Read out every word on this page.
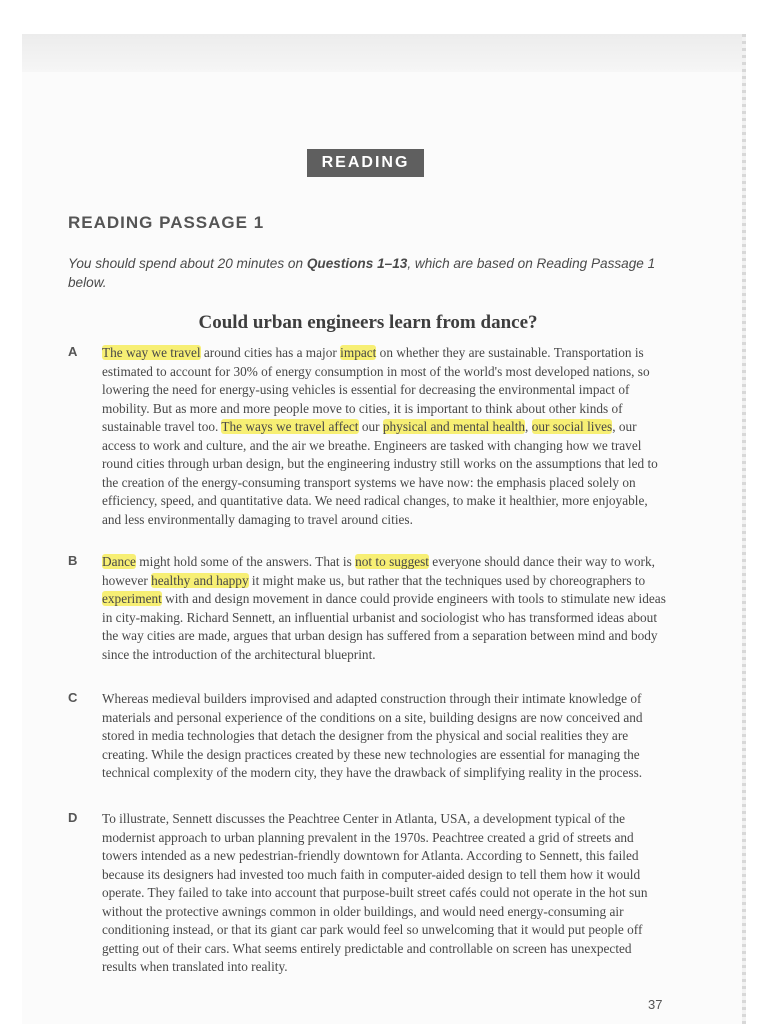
READING
READING PASSAGE 1
You should spend about 20 minutes on Questions 1–13, which are based on Reading Passage 1 below.
Could urban engineers learn from dance?
A The way we travel around cities has a major impact on whether they are sustainable. Transportation is estimated to account for 30% of energy consumption in most of the world's most developed nations, so lowering the need for energy-using vehicles is essential for decreasing the environmental impact of mobility. But as more and more people move to cities, it is important to think about other kinds of sustainable travel too. The ways we travel affect our physical and mental health, our social lives, our access to work and culture, and the air we breathe. Engineers are tasked with changing how we travel round cities through urban design, but the engineering industry still works on the assumptions that led to the creation of the energy-consuming transport systems we have now: the emphasis placed solely on efficiency, speed, and quantitative data. We need radical changes, to make it healthier, more enjoyable, and less environmentally damaging to travel around cities.

B Dance might hold some of the answers. That is not to suggest everyone should dance their way to work, however healthy and happy it might make us, but rather that the techniques used by choreographers to experiment with and design movement in dance could provide engineers with tools to stimulate new ideas in city-making. Richard Sennett, an influential urbanist and sociologist who has transformed ideas about the way cities are made, argues that urban design has suffered from a separation between mind and body since the introduction of the architectural blueprint.

C Whereas medieval builders improvised and adapted construction through their intimate knowledge of materials and personal experience of the conditions on a site, building designs are now conceived and stored in media technologies that detach the designer from the physical and social realities they are creating. While the design practices created by these new technologies are essential for managing the technical complexity of the modern city, they have the drawback of simplifying reality in the process.

D To illustrate, Sennett discusses the Peachtree Center in Atlanta, USA, a development typical of the modernist approach to urban planning prevalent in the 1970s. Peachtree created a grid of streets and towers intended as a new pedestrian-friendly downtown for Atlanta. According to Sennett, this failed because its designers had invested too much faith in computer-aided design to tell them how it would operate. They failed to take into account that purpose-built street cafés could not operate in the hot sun without the protective awnings common in older buildings, and would need energy-consuming air conditioning instead, or that its giant car park would feel so unwelcoming that it would put people off getting out of their cars. What seems entirely predictable and controllable on screen has unexpected results when translated into reality.

37
